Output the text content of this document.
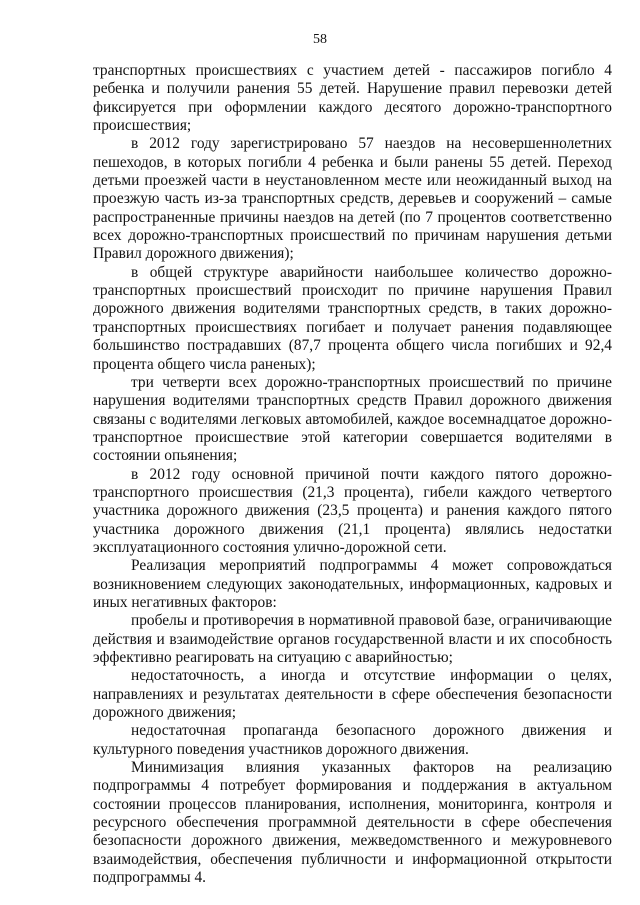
58

транспортных происшествиях с участием детей - пассажиров погибло 4 ребенка и получили ранения 55 детей. Нарушение правил перевозки детей фиксируется при оформлении каждого десятого дорожно-транспортного происшествия;

в 2012 году зарегистрировано 57 наездов на несовершеннолетних пешеходов, в которых погибли 4 ребенка и были ранены 55 детей. Переход детьми проезжей части в неустановленном месте или неожиданный выход на проезжую часть из-за транспортных средств, деревьев и сооружений – самые распространенные причины наездов на детей (по 7 процентов соответственно всех дорожно-транспортных происшествий по причинам нарушения детьми Правил дорожного движения);

в общей структуре аварийности наибольшее количество дорожно-транспортных происшествий происходит по причине нарушения Правил дорожного движения водителями транспортных средств, в таких дорожно-транспортных происшествиях погибает и получает ранения подавляющее большинство пострадавших (87,7 процента общего числа погибших и 92,4 процента общего числа раненых);

три четверти всех дорожно-транспортных происшествий по причине нарушения водителями транспортных средств Правил дорожного движения связаны с водителями легковых автомобилей, каждое восемнадцатое дорожно-транспортное происшествие этой категории совершается водителями в состоянии опьянения;

в 2012 году основной причиной почти каждого пятого дорожно-транспортного происшествия (21,3 процента), гибели каждого четвертого участника дорожного движения (23,5 процента) и ранения каждого пятого участника дорожного движения (21,1 процента) являлись недостатки эксплуатационного состояния улично-дорожной сети.

Реализация мероприятий подпрограммы 4 может сопровождаться возникновением следующих законодательных, информационных, кадровых и иных негативных факторов:

пробелы и противоречия в нормативной правовой базе, ограничивающие действия и взаимодействие органов государственной власти и их способность эффективно реагировать на ситуацию с аварийностью;

недостаточность, а иногда и отсутствие информации о целях, направлениях и результатах деятельности в сфере обеспечения безопасности дорожного движения;

недостаточная пропаганда безопасного дорожного движения и культурного поведения участников дорожного движения.

Минимизация влияния указанных факторов на реализацию подпрограммы 4 потребует формирования и поддержания в актуальном состоянии процессов планирования, исполнения, мониторинга, контроля и ресурсного обеспечения программной деятельности в сфере обеспечения безопасности дорожного движения, межведомственного и межуровневого взаимодействия, обеспечения публичности и информационной открытости подпрограммы 4.
